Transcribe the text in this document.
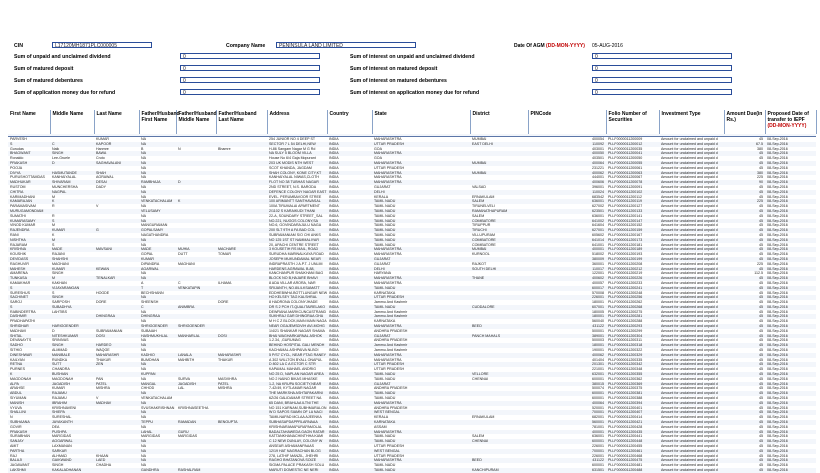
CIN	L17120MH1871PLC000005	Company Name	PENINSULA LAND LIMITED	Date Of AGM (DD-MON-YYYY) 05-AUG-2016
Sum of unpaid and unclaimed dividend	0
Sum of matured deposit	0
Sum of matured debentures	0
Sum of application money due for refund	0
Sum of interest on unpaid and unclaimed dividend	0
Sum of interest on matured deposit	0
Sum of interest on matured debentures	0
Sum of interest on application money due for refund	0
First Name	Middle Name	Last Name	Father/Husband First Name	Father/Husband Middle Name	Father/Husband Last Name	Address	Country	State	District	PINCode	Folio Number of Securities	Investment Type	Amount Due(in Rs.)	Proposed Date of transfer to IEPF
(DD-MON-YYYY)

PARVESH		KUMAR	NA			254 JUNIOR NO 4 DEEP ST	INDIA	MAHARASHTRA	MUMBAI	400054	PLLF0000011200009	Amount for unclaimed and unpaid d	45	08-Sep-2016
S	C	KAPOOR	NA			SECTOR 7 L 54 DELHI,NEW	INDIA	UTTAR PRADESH	EAST DELHI	110092	PLLF0000011200012	Amount for unclaimed and unpaid d	67.5	08-Sep-2016
Gurudas	Naik	Hanmre	B	N	Bhamre	H-86 Sangam Nagar M G Rd	INDIA	GOA		403001	PLLF0000011200035	Amount for unclaimed and unpaid d	380	08-Sep-2016
BHAGWANT	SINGH	BAWA	NA			NA SULY 5 BLOOM VILLA	INDIA	MAHARASHTRA		400050	PLLF0000011200041	Amount for unclaimed and unpaid d	45	08-Sep-2016
Ronaldo	Lee-Gruele	Cruto	NA			House No 6/4 Gaja Mopurant	INDIA	GOA		403501	PLLF0000011200050	Amount for unclaimed and unpaid d	45	08-Sep-2016
PRAKASH	D	SAGHAVALANI	NA			203 UK MODIS NTH WEST	INDIA	MAHARASHTRA	MUMBAI	400064	PLLF0000011200055	Amount for unclaimed and unpaid d	45	08-Sep-2016
POOJA			NA			SCOT KHANDA, JAGDAM	INDIA	UTTAR PRADESH		231221	PLLF0000011200061	Amount for unclaimed and unpaid d	45	08-Sep-2016
DIVYA	HASMUTANDE	SHAH	NA			SHAH COLONY, KONE CITY,KT	INDIA	MAHARASHTRA	MUMBAI	400062	PLLF0000011200063	Amount for unclaimed and unpaid d	380	08-Sep-2016
PURUSHOTTAMDAS	KANHAIYALAL	AGRAWAL	NA			KANHAIYALAL NIWAS,CLOTH	INDIA	MAHARASHTRA		444001	PLLF0000011200067	Amount for unclaimed and unpaid d	225	08-Sep-2016
MADHUKAR	SHIVARAM	DESAI	RAMBHAJA	D		FLOT NO 38 TUBHAS NAGAR	INDIA	MAHARASHTRA		400606	PLLF0000011200078	Amount for unclaimed and unpaid d	90	08-Sep-2016
RUSTOM	MUNCHERSHA	DADY	NA			2ND STREET, N.S. BARODA	INDIA	GUJARAT	VALSAD	396001	PLLF0000011200091	Amount for unclaimed and unpaid d	45	08-Sep-2016
CHITRA	NAGPAL		NA			DEFENCE COLONY NAGAR EAST	INDIA	DELHI		110024	PLLF0000011200102	Amount for unclaimed and unpaid d	45	08-Sep-2016
KARIMADHANI	M		NA			EVEL. PERUMBAVOOR STREE	INDIA	KERALA	ERNAKULAM	683542	PLLF0000011200112	Amount for unclaimed and unpaid d	45	08-Sep-2016
KAMARAJAN	K		VENKATACHALAM	K		100 ARIMANTT SANTHAVASAL	INDIA	TAMIL NADU	SALEM	636001	PLLF0000011200119	Amount for unclaimed and unpaid d	225	08-Sep-2016
PARAMASIVAM	R	V	NA			100A TIRUMALAI APARTMENT	INDIA	TAMIL NADU	TIRUNELVELI	627002	PLLF0000011200127	Amount for unclaimed and unpaid d	45	08-Sep-2016
MURUGAMONDIAM			VELUSAMY			2/1102 S KARAIKUDI THANI	INDIA	TAMIL NADU	RAMANATHAPURAM	623501	PLLF0000011200133	Amount for unclaimed and unpaid d	45	08-Sep-2016
SUMATHI	R		NA			22-A, SOUNDARY STREET_SAL	INDIA	TAMIL NADU	SALEM	636001	PLLF0000011200141	Amount for unclaimed and unpaid d	45	08-Sep-2016
KUMARASAMY	S		NA			NO.221, NUGGS COLONY,SA	INDIA	TAMIL NADU	COIMBATORE	641002	PLLF0000011200147	Amount for unclaimed and unpaid d	45	08-Sep-2016
VINOD KUMAR	M		MANGURAMAN			NO.6, GOVINDARAJULU NAGA	INDIA	TAMIL NADU	TIRUPPUR	641604	PLLF0000011200152	Amount for unclaimed and unpaid d	45	08-Sep-2016
RAJENDRA	KUMAR	G	GOPALSAMY			200 SLT 9TH A FA BAD COL	INDIA	TAMIL NADU	TIRUCHI	627001	PLLF0000011200159	Amount for unclaimed and unpaid d	45	08-Sep-2016
RANI	K		NAGATHANDRA			SUBRAMANIAM S/O CHI ANKS	INDIA	TAMIL NADU	VILLUPURAM	605602	PLLF0000011200167	Amount for unclaimed and unpaid d	45	08-Sep-2016
NISHTHA	M		NA			NO 125 1ST ST NAMMALIYAR	INDIA	TAMIL NADU	COIMBATORE	641014	PLLF0000011200173	Amount for unclaimed and unpaid d	45	08-Sep-2016
RAJARAM	S		NA			20, APACHI CENTRE STREET	INDIA	TAMIL NADU	COIMBATORE	641001	PLLF0000011200181	Amount for unclaimed and unpaid d	45	08-Sep-2016
KRISHNA	MADE	MAVSANI	MADE	MUHIA	MACHARE	3 KOUSETIH RS MAIL, ROAD	INDIA	MAHARASHTRA	MUMBAI	400001	PLLF0000011200189	Amount for unclaimed and unpaid d	45	08-Sep-2016
KOUSHIK	RAJANI		GOPAL	DUTT	TOMAR	SURUDHA MARINALKAYA ROAD	INDIA	MAHARASHTRA	KURNOOL	518002	PLLF0000011200193	Amount for unclaimed and unpaid d	45	08-Sep-2016
DEVIDASS	SHAHSHI		KUMAR			JOSEPH MUKUNDAMAL NEAR	INDIA	GUJARAT		380009	PLLF0000011200199	Amount for unclaimed and unpaid d	45	08-Sep-2016
RAGHUVIR	MAGHANI		DIPANDRA	MAGHANI		INDRAPRASTH J A.P.T. J UNLIM	INDIA	GUJARAT	RAJKOT	360001	PLLF0000011200208	Amount for unclaimed and unpaid d	225	08-Sep-2016
MAHESH	KUMAR	KEWAN	AGARWAL			HARDENS AGRAWAL B-88,	INDIA	DELHI	SOUTH DELHI	110017	PLLF0000011200212	Amount for unclaimed and unpaid d	45	08-Sep-2016
AMARENA	SINGH		NA			KANCHANPUR SHAIKHANI BAG	INDIA	HARYANA		122001	PLLF0000011200219	Amount for unclaimed and unpaid d	112.5	08-Sep-2016
TUNKASA	M	TENALKAR	NA			BLOCK NO B,HAJARE BHAVI	INDIA	MAHARASHTRA	THANE	400602	PLLF0000011200226	Amount for unclaimed and unpaid d	45	08-Sep-2016
KAMAKHAR	KAKHAN		A	C	ILHAMA	8 ADA VILLAR ARORA, NAR	INDIA	MAHARASHTRA		400057	PLLF0000011200233	Amount for unclaimed and unpaid d	45	08-Sep-2016
S	VIJAYARANGAN		T	VENKATAPIN		SRIJANTH, NO.8/L/LKSAMATT	INDIA	TAMIL NADU		600017	PLLF0000011200241	Amount for unclaimed and unpaid d	45	08-Sep-2016
SURESHUS	S	HOGDE	BECHSHANN			EDDHEBWHA BOTTLUNGAR NEW	INDIA	KARNATAKA		570008	PLLF0000011200248	Amount for unclaimed and unpaid d	45	08-Sep-2016
SACHINET	SINGH		NA			HO KELSEY TAG KALSHRAL	INDIA	UTTAR PRADESH		226001	PLLF0000011200256	Amount for unclaimed and unpaid d	45	08-Sep-2016
SAROJ	SARPOSH	DORE	SHEENSH		DORE	8 HADRONA COLONYJHADE	INDIA	Jammu And Kashmir		180001	PLLF0000011200262	Amount for unclaimed and unpaid d	45	08-Sep-2016
S	SUBADHYA		C	ANIMBRA		DR S 2 PCH IT-QUALITAIRELAKO	INDIA	TAMIL NADU	CUDDALORE	607001	PLLF0000011200268	Amount for unclaimed and unpaid d	45	08-Sep-2016
RABINDERTRA	LAHTIBS		NA			DEWRANA MARKCUNCASTRAND	INDIA	Jammu And Kashmir		180005	PLLF0000011200275	Amount for unclaimed and unpaid d	45	08-Sep-2016
DASHMIR		DHINGRAA	DHINGRAA			SUKHRAJ GAR DHINGRAA GHA	INDIA	Jammu And Kashmir		180001	PLLF0000011200281	Amount for unclaimed and unpaid d	45	08-Sep-2016
PRADHAPATHI			NA			M H C Z BLOCK,MAIN MAIN NAGA	INDIA	KARNATAKA		560040	PLLF0000011200288	Amount for unclaimed and unpaid d	45	08-Sep-2016
SHRIDHAR	HARIGOENDER		SHRIGOENDER	SHRIGOENDER		NEAR OGAJEMSDVIH AVI-MOHG	INDIA	MAHARASHTRA	BEED	431122	PLLF0000011200293	Amount for unclaimed and unpaid d	45	08-Sep-2016
MADHAVI	D	SUBRAMANIAN	SUBAIAH			1/4/21 SHANKAR NAGAR SHAMA	INDIA	ANDHRA PRADESH		500001	PLLF0000011200299	Amount for unclaimed and unpaid d	45	08-Sep-2016
SHITAL	NITESHKUMAR	DOSI	HASHMUKHLAL	MANHARLAL	DOSI	BHAI WAGHARKARNAL ASHOK	INDIA	GUJARAT	PANCH MAHALS	389001	PLLF0000011200304	Amount for unclaimed and unpaid d	45	08-Sep-2016
DEVANAYTS	SRINIVAS		NA			1.2.34, ,GURUMAG	INDIA	ANDHRA PRADESH		500003	PLLF0000011200311	Amount for unclaimed and unpaid d	45	08-Sep-2016
SADHO	SINGH	HARDEO	NA			BEHIND HOSPITAL GALI MENDH	INDIA	Jammu And Kashmir		180001	PLLF0000011200318	Amount for unclaimed and unpaid d	45	08-Sep-2016
SITHIO	ALMMAD	WAQGE	NA			KACHAMAL ASHPAIVA NLBOI	INDIA	Jammu And Kashmir		190001	PLLF0000011200322	Amount for unclaimed and unpaid d	45	08-Sep-2016
DINESHWAR	MANIBALE	MAHARASHR	KADHIO	LANALA	MAHARASHR	5 P/S7 CYCL, NEAR FTAG RANEY	INDIA	MAHARASHTRA		400062	PLLF0000011200329	Amount for unclaimed and unpaid d	45	08-Sep-2016
KAILYAN	RUNDKA	THAKUR	BUMDHAN	MAHBITH	THAKUR	A 302 WILLTON BYALL ONAPUL	INDIA	MAHARASHTRA		401404	PLLF0000011200335	Amount for unclaimed and unpaid d	45	08-Sep-2016
RETNA	SUTT	ZEN	NA			D 802 LA C A ECTOR C STR	INDIA	UTTAR PRADESH		201301	PLLF0000011200342	Amount for unclaimed and unpaid d	45	08-Sep-2016
PURNES	CHANDRA		NA			KAPAMAL MAHAEL ANDRIG	INDIA	UTTAR PRADESH		221001	PLLF0000011200348	Amount for unclaimed and unpaid d	45	08-Sep-2016
K	BUSHIAN		KUPPAN			NO 25 D, NAPLAN NAGAR AREA	INDIA	TAMIL NADU	VELLORE	632001	PLLF0000011200355	Amount for unclaimed and unpaid d	45	08-Sep-2016
MAGDONAH	MAGDONAH	PAN	NA	SURVA	MASVIHRA	NO 2 NAINO BIKAS MHASKE	INDIA	TAMIL NADU	CHENNAI	600001	PLLF0000011200362	Amount for unclaimed and unpaid d	45	08-Sep-2016
ALPA	JAGADISH	PATEL	MANGAL	JAGADISH	PATEL	1-2, NA KRUPA SOCIETY,NEAR	INDIA	GUJARAT		380015	PLLF0000011200369	Amount for unclaimed and unpaid d	45	08-Sep-2016
ARAHSE	KUMAR	MISHRA	CHHOD	LAL	MISHRA	7-42/49, KYTLAMAR NAGAR	INDIA	ANDHRA PRADESH		500074	PLLF0000011200375	Amount for unclaimed and unpaid d	45	08-Sep-2016
ABDUL	RAJAMU		NA			THE MARKSHA ASHTAPAKARNI	INDIA	TAMIL NADU		600001	PLLF0000011200381	Amount for unclaimed and unpaid d	45	08-Sep-2016
SIYUMAN	RAJAMU	V	VENKATACHALAM			6Z/26 GALIDAMAR STREET NA	INDIA	TAMIL NADU		600001	PLLF0000011200388	Amount for unclaimed and unpaid d	45	08-Sep-2016
MANISH	IBRAHIM	MADHAV	NA			65 DANI, BRAHLAA ILTNI THE	INDIA	MAHARASHTRA		400064	PLLF0000011200394	Amount for unclaimed and unpaid d	45	08-Sep-2016
VYUVA	KRISHNAVENI		SVUSHAKRISHNAN	KRISHNASEETHA		NO 151 KARNAM,SUBHMARALON	INDIA	ANDHRA PRADESH		520001	PLLF0000011200401	Amount for unclaimed and unpaid d	45	08-Sep-2016
SHALLINI	SHIEPA		NA			W D SAPOS SIAMN OF LA NACI	INDIA	WEST BENGAL		700001	PLLF0000011200407	Amount for unclaimed and unpaid d	45	08-Sep-2016
N	SURESHAL		NA			TAMILNAPAD MCLAA AJEENKA	INDIA	KERALA	ERNAKULAM	682001	PLLF0000011200414	Amount for unclaimed and unpaid d	45	08-Sep-2016
SUBHAANA	JAYAKANTH		TEPPU	RAMADAN	BENOUPTA	SUBHASAPDAPPRLARNAAA	INDIA	KARNATAKA		560001	PLLF0000011200421	Amount for unclaimed and unpaid d	45	08-Sep-2016
GOVIR	DEA		NA			KRISHNARAMAPURAPAMOLAL	INDIA	ASSAM		781001	PLLF0000011200428	Amount for unclaimed and unpaid d	45	08-Sep-2016
PRAKASH	PUSHPA		LAHAL	GURU		BADALTAHAWEDA GAON RATAR	INDIA	MAHARASHTRA		400001	PLLF0000011200435	Amount for unclaimed and unpaid d	45	08-Sep-2016
SURABHAN	MARGIDAS		MARGIDAS	MARGIDAS		KATTANKHANACHINTHHA KAMI	INDIA	TAMIL NADU	SALEM	636001	PLLF0000011200441	Amount for unclaimed and unpaid d	45	08-Sep-2016
SANJAY	AGGARWAL		NA			C 12 NEW DUNLAY, COLONY W	INDIA	TAMIL NADU	CHENNAI	600001	PLLF0000011200448	Amount for unclaimed and unpaid d	45	08-Sep-2016
AMIT	LAXMANAN		NA			ANSEAR ASHAMANPAAAS	INDIA	UTTAR PRADESH		226001	PLLF0000011200455	Amount for unclaimed and unpaid d	45	08-Sep-2016
PARTHA	SARKAR		NA			12/19 HAT NAGRACHAN BLOG	INDIA	WEST BENGAL		700001	PLLF0000011200461	Amount for unclaimed and unpaid d	45	08-Sep-2016
RAJ	ALHMAD	KHAAN	NA			278, LATHIF MANZIL, JHEHRI	INDIA	UTTAR PRADESH		226001	PLLF0000011200468	Amount for unclaimed and unpaid d	45	08-Sep-2016
BALAJI	GAIKWAND	LAED	NA			RAGHO BHATANOVA SOIZE	INDIA	MAHARASHTRA	BEED	431122	PLLF0000011200475	Amount for unclaimed and unpaid d	45	08-Sep-2016
JAGAWANT	SINGH	CHADHA	NA			SIGMA PALACE PRAKASH SOLU	INDIA	TAMIL NADU		600001	PLLF0000011200481	Amount for unclaimed and unpaid d	45	08-Sep-2016
LAKSHMI	KAKALADHANAN		GANDHRA	RASHALRAM		MARUTI DOMESTIC NE NERI	INDIA	TAMIL NADU	KANCHIPURAM	631501	PLLF0000011200488	Amount for unclaimed and unpaid d	45	08-Sep-2016
